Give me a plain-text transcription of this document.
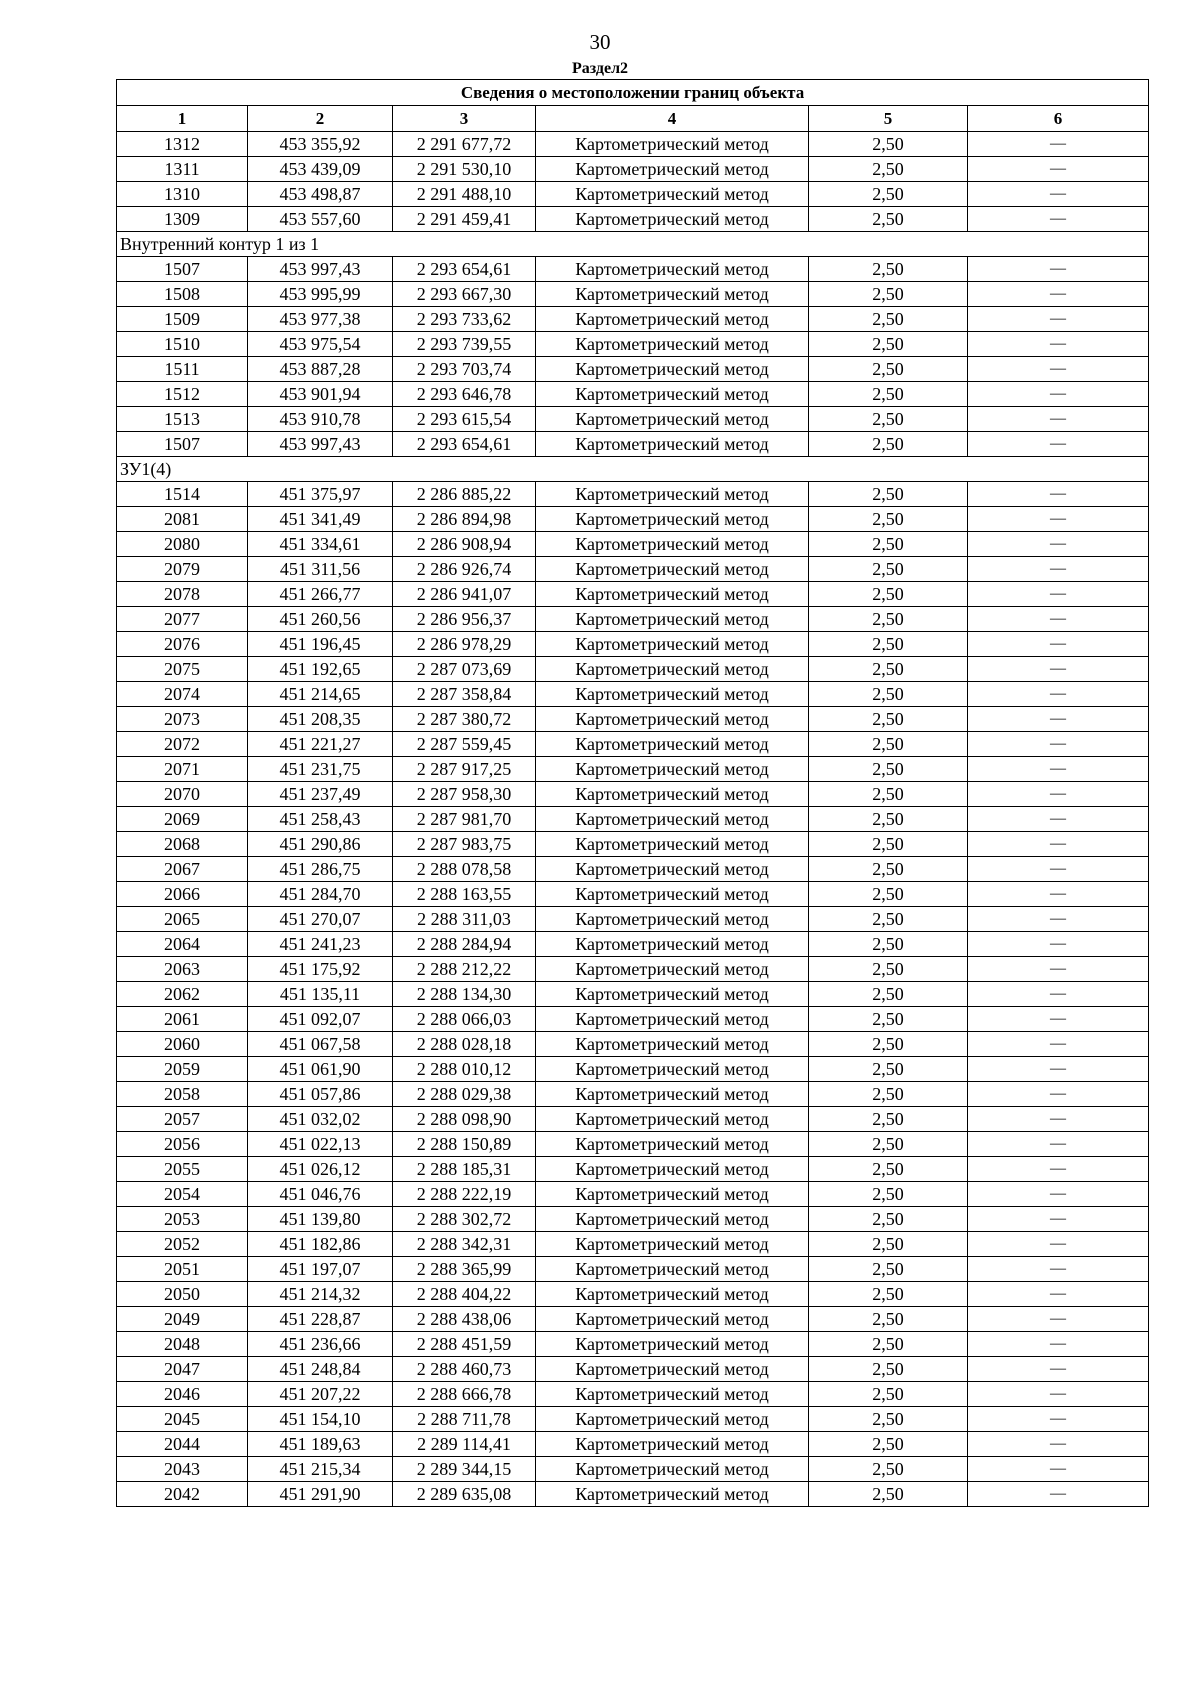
30
Раздел2
Сведения о местоположении границ объекта					
1	2	3	4	5	6
1312	453 355,92	2 291 677,72	Картометрический метод	2,50	—
1311	453 439,09	2 291 530,10	Картометрический метод	2,50	—
1310	453 498,87	2 291 488,10	Картометрический метод	2,50	—
1309	453 557,60	2 291 459,41	Картометрический метод	2,50	—
Внутренний контур 1 из 1					
1507	453 997,43	2 293 654,61	Картометрический метод	2,50	—
1508	453 995,99	2 293 667,30	Картометрический метод	2,50	—
1509	453 977,38	2 293 733,62	Картометрический метод	2,50	—
1510	453 975,54	2 293 739,55	Картометрический метод	2,50	—
1511	453 887,28	2 293 703,74	Картометрический метод	2,50	—
1512	453 901,94	2 293 646,78	Картометрический метод	2,50	—
1513	453 910,78	2 293 615,54	Картометрический метод	2,50	—
1507	453 997,43	2 293 654,61	Картометрический метод	2,50	—
ЗУ1(4)					
1514	451 375,97	2 286 885,22	Картометрический метод	2,50	—
2081	451 341,49	2 286 894,98	Картометрический метод	2,50	—
2080	451 334,61	2 286 908,94	Картометрический метод	2,50	—
2079	451 311,56	2 286 926,74	Картометрический метод	2,50	—
2078	451 266,77	2 286 941,07	Картометрический метод	2,50	—
2077	451 260,56	2 286 956,37	Картометрический метод	2,50	—
2076	451 196,45	2 286 978,29	Картометрический метод	2,50	—
2075	451 192,65	2 287 073,69	Картометрический метод	2,50	—
2074	451 214,65	2 287 358,84	Картометрический метод	2,50	—
2073	451 208,35	2 287 380,72	Картометрический метод	2,50	—
2072	451 221,27	2 287 559,45	Картометрический метод	2,50	—
2071	451 231,75	2 287 917,25	Картометрический метод	2,50	—
2070	451 237,49	2 287 958,30	Картометрический метод	2,50	—
2069	451 258,43	2 287 981,70	Картометрический метод	2,50	—
2068	451 290,86	2 287 983,75	Картометрический метод	2,50	—
2067	451 286,75	2 288 078,58	Картометрический метод	2,50	—
2066	451 284,70	2 288 163,55	Картометрический метод	2,50	—
2065	451 270,07	2 288 311,03	Картометрический метод	2,50	—
2064	451 241,23	2 288 284,94	Картометрический метод	2,50	—
2063	451 175,92	2 288 212,22	Картометрический метод	2,50	—
2062	451 135,11	2 288 134,30	Картометрический метод	2,50	—
2061	451 092,07	2 288 066,03	Картометрический метод	2,50	—
2060	451 067,58	2 288 028,18	Картометрический метод	2,50	—
2059	451 061,90	2 288 010,12	Картометрический метод	2,50	—
2058	451 057,86	2 288 029,38	Картометрический метод	2,50	—
2057	451 032,02	2 288 098,90	Картометрический метод	2,50	—
2056	451 022,13	2 288 150,89	Картометрический метод	2,50	—
2055	451 026,12	2 288 185,31	Картометрический метод	2,50	—
2054	451 046,76	2 288 222,19	Картометрический метод	2,50	—
2053	451 139,80	2 288 302,72	Картометрический метод	2,50	—
2052	451 182,86	2 288 342,31	Картометрический метод	2,50	—
2051	451 197,07	2 288 365,99	Картометрический метод	2,50	—
2050	451 214,32	2 288 404,22	Картометрический метод	2,50	—
2049	451 228,87	2 288 438,06	Картометрический метод	2,50	—
2048	451 236,66	2 288 451,59	Картометрический метод	2,50	—
2047	451 248,84	2 288 460,73	Картометрический метод	2,50	—
2046	451 207,22	2 288 666,78	Картометрический метод	2,50	—
2045	451 154,10	2 288 711,78	Картометрический метод	2,50	—
2044	451 189,63	2 289 114,41	Картометрический метод	2,50	—
2043	451 215,34	2 289 344,15	Картометрический метод	2,50	—
2042	451 291,90	2 289 635,08	Картометрический метод	2,50	—
